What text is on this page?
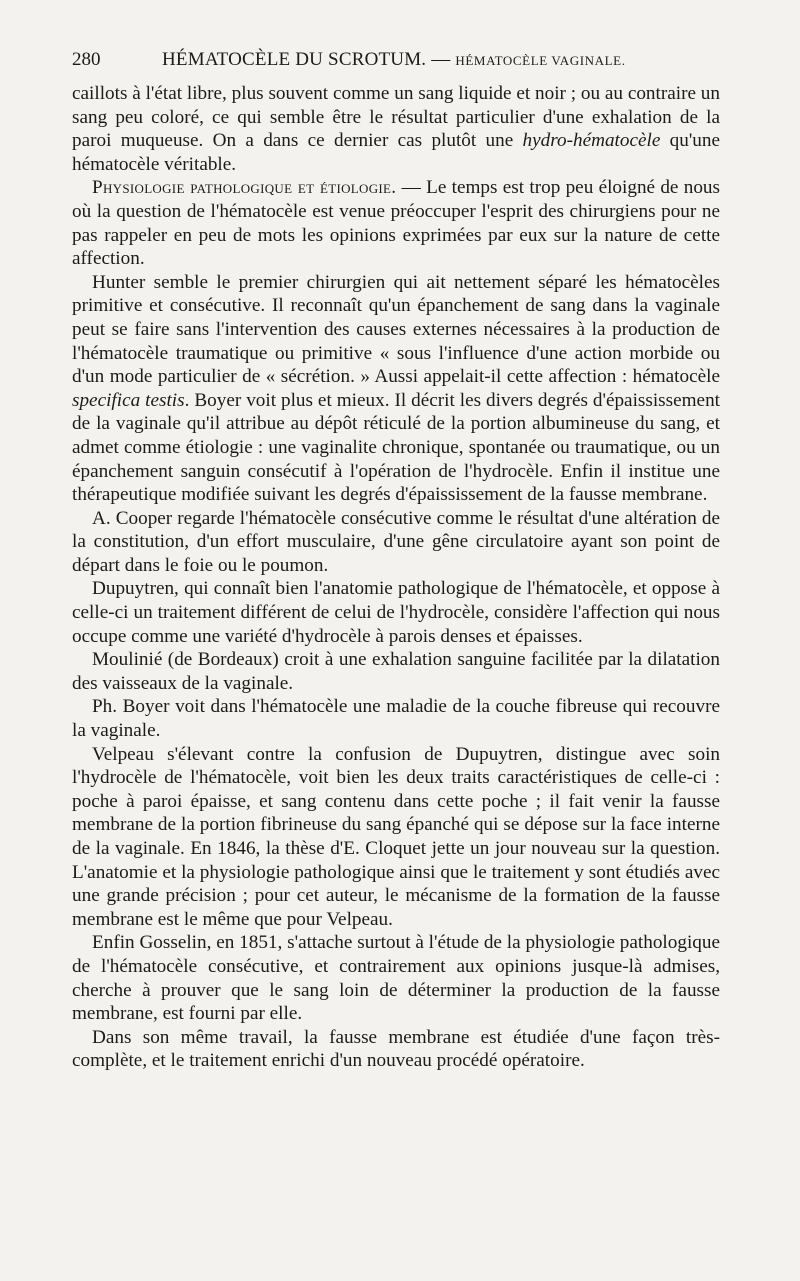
280	HÉMATOCÈLE DU SCROTUM. — HÉMATOCÈLE VAGINALE.

caillots à l'état libre, plus souvent comme un sang liquide et noir ; ou au contraire un sang peu coloré, ce qui semble être le résultat particulier d'une exhalation de la paroi muqueuse. On a dans ce dernier cas plutôt une hydro-hématocèle qu'une hématocèle véritable.

Physiologie pathologique et étiologie. — Le temps est trop peu éloigné de nous où la question de l'hématocèle est venue préoccuper l'esprit des chirurgiens pour ne pas rappeler en peu de mots les opinions exprimées par eux sur la nature de cette affection.

Hunter semble le premier chirurgien qui ait nettement séparé les hématocèles primitive et consécutive. Il reconnaît qu'un épanchement de sang dans la vaginale peut se faire sans l'intervention des causes externes nécessaires à la production de l'hématocèle traumatique ou primitive « sous l'influence d'une action morbide ou d'un mode particulier de « sécrétion. » Aussi appelait-il cette affection : hématocèle specifica testis. Boyer voit plus et mieux. Il décrit les divers degrés d'épaississement de la vaginale qu'il attribue au dépôt réticulé de la portion albumineuse du sang, et admet comme étiologie : une vaginalite chronique, spontanée ou traumatique, ou un épanchement sanguin consécutif à l'opération de l'hydrocèle. Enfin il institue une thérapeutique modifiée suivant les degrés d'épaississement de la fausse membrane.

A. Cooper regarde l'hématocèle consécutive comme le résultat d'une altération de la constitution, d'un effort musculaire, d'une gêne circulatoire ayant son point de départ dans le foie ou le poumon.

Dupuytren, qui connaît bien l'anatomie pathologique de l'hématocèle, et oppose à celle-ci un traitement différent de celui de l'hydrocèle, considère l'affection qui nous occupe comme une variété d'hydrocèle à parois denses et épaisses.

Moulinié (de Bordeaux) croit à une exhalation sanguine facilitée par la dilatation des vaisseaux de la vaginale.

Ph. Boyer voit dans l'hématocèle une maladie de la couche fibreuse qui recouvre la vaginale.

Velpeau s'élevant contre la confusion de Dupuytren, distingue avec soin l'hydrocèle de l'hématocèle, voit bien les deux traits caractéristiques de celle-ci : poche à paroi épaisse, et sang contenu dans cette poche ; il fait venir la fausse membrane de la portion fibrineuse du sang épanché qui se dépose sur la face interne de la vaginale. En 1846, la thèse d'E. Cloquet jette un jour nouveau sur la question. L'anatomie et la physiologie pathologique ainsi que le traitement y sont étudiés avec une grande précision ; pour cet auteur, le mécanisme de la formation de la fausse membrane est le même que pour Velpeau.

Enfin Gosselin, en 1851, s'attache surtout à l'étude de la physiologie pathologique de l'hématocèle consécutive, et contrairement aux opinions jusque-là admises, cherche à prouver que le sang loin de déterminer la production de la fausse membrane, est fourni par elle.

Dans son même travail, la fausse membrane est étudiée d'une façon très-complète, et le traitement enrichi d'un nouveau procédé opératoire.
